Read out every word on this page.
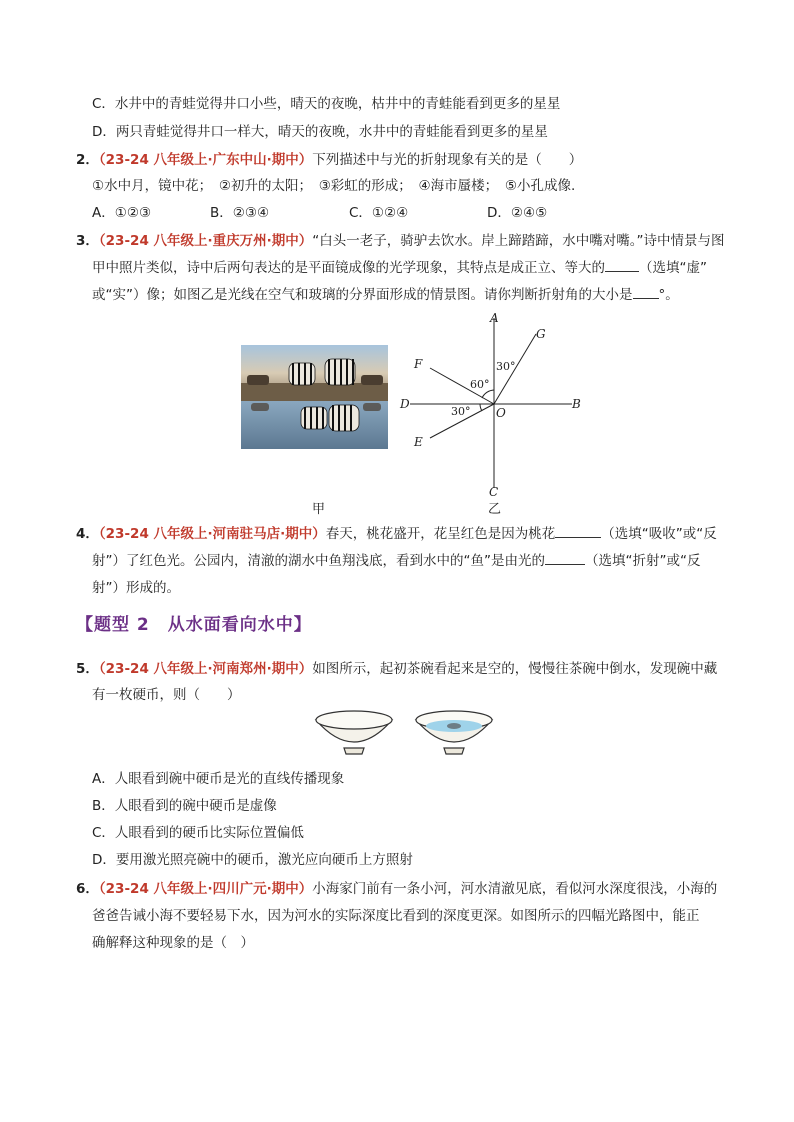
C．水井中的青蛙觉得井口小些，晴天的夜晚，枯井中的青蛙能看到更多的星星
D．两只青蛙觉得井口一样大，晴天的夜晚，水井中的青蛙能看到更多的星星
2．（23-24 八年级上·广东中山·期中）下列描述中与光的折射现象有关的是（　　）
①水中月，镜中花；　②初升的太阳；　③彩虹的形成；　④海市蜃楼；　⑤小孔成像.
A．①②③	B．②③④	C．①②④	D．②④⑤
3．（23-24 八年级上·重庆万州·期中）“白头一老子，骑驴去饮水。岸上蹄踏蹄，水中嘴对嘴。”诗中情景与图
甲中照片类似，诗中后两句表达的是平面镜成像的光学现象，其特点是成正立、等大的	（选填“虚”
或“实”）像；如图乙是光线在空气和玻璃的分界面形成的情景图。请你判断折射角的大小是 °。
甲
A
B
C
D
E
F
G
O
60°
30°
30°
乙
4．（23-24 八年级上·河南驻马店·期中）春天，桃花盛开，花呈红色是因为桃花	（选填“吸收”或“反
射”）了红色光。公园内，清澈的湖水中鱼翔浅底，看到水中的“鱼”是由光的	（选填“折射”或“反
射”）形成的。
【题型 2　从水面看向水中】
5．（23-24 八年级上·河南郑州·期中）如图所示，起初茶碗看起来是空的，慢慢往茶碗中倒水，发现碗中藏
有一枚硬币，则（　　）
A．人眼看到碗中硬币是光的直线传播现象
B．人眼看到的碗中硬币是虚像
C．人眼看到的硬币比实际位置偏低
D．要用激光照亮碗中的硬币，激光应向硬币上方照射
6．（23-24 八年级上·四川广元·期中）小海家门前有一条小河，河水清澈见底，看似河水深度很浅，小海的
爸爸告诫小海不要轻易下水，因为河水的实际深度比看到的深度更深。如图所示的四幅光路图中，能正
确解释这种现象的是（　）
